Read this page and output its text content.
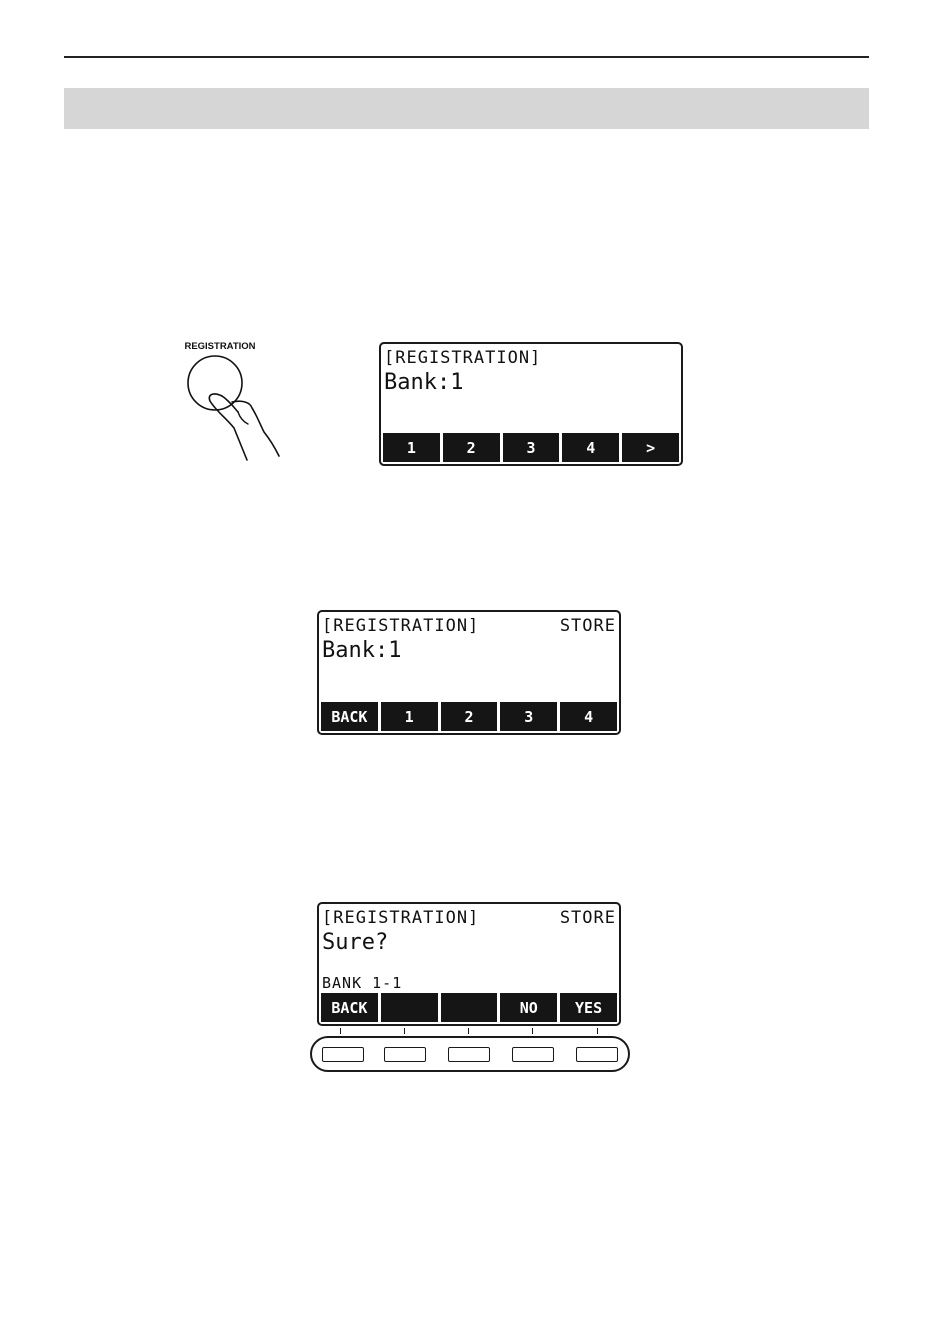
REGISTRATION
[REGISTRATION]
Bank:1
1	2	3	4	>
[REGISTRATION]	STORE
Bank:1
BACK	1	2	3	4
[REGISTRATION]	STORE
Sure?
BANK 1-1
BACK	NO	YES
